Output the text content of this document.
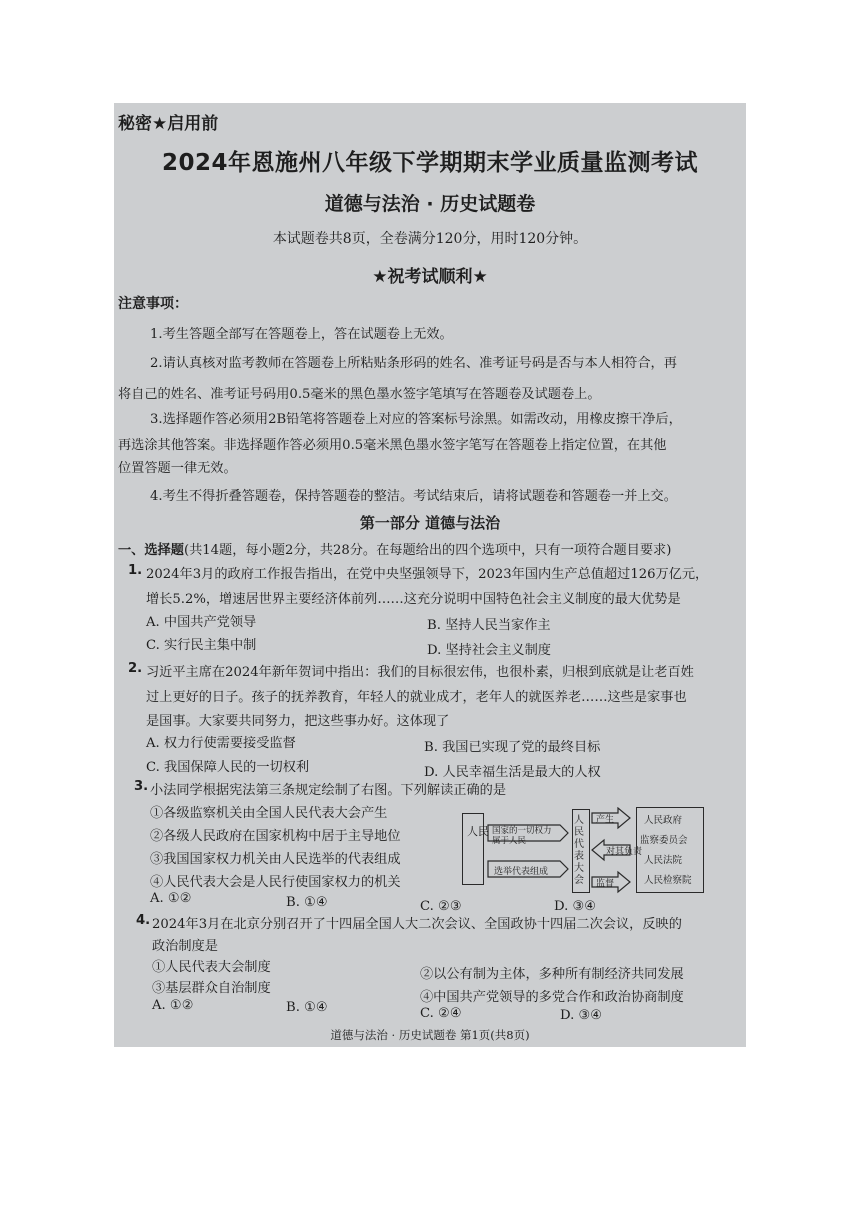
秘密★启用前
2024年恩施州八年级下学期期末学业质量监测考试
道德与法治 · 历史试题卷
本试题卷共8页，全卷满分120分，用时120分钟。
★祝考试顺利★
注意事项：
1.考生答题全部写在答题卷上，答在试题卷上无效。
2.请认真核对监考教师在答题卷上所粘贴条形码的姓名、准考证号码是否与本人相符合，再
将自己的姓名、准考证号码用0.5毫米的黑色墨水签字笔填写在答题卷及试题卷上。
3.选择题作答必须用2B铅笔将答题卷上对应的答案标号涂黑。如需改动，用橡皮擦干净后，
再选涂其他答案。非选择题作答必须用0.5毫米黑色墨水签字笔写在答题卷上指定位置，在其他
位置答题一律无效。
4.考生不得折叠答题卷，保持答题卷的整洁。考试结束后，请将试题卷和答题卷一并上交。
第一部分 道德与法治
一、选择题(共14题，每小题2分，共28分。在每题给出的四个选项中，只有一项符合题目要求)
1. 2024年3月的政府工作报告指出，在党中央坚强领导下，2023年国内生产总值超过126万亿元，
增长5.2%，增速居世界主要经济体前列……这充分说明中国特色社会主义制度的最大优势是
A. 中国共产党领导	B. 坚持人民当家作主
C. 实行民主集中制	D. 坚持社会主义制度
2. 习近平主席在2024年新年贺词中指出：我们的目标很宏伟，也很朴素，归根到底就是让老百姓
过上更好的日子。孩子的抚养教育，年轻人的就业成才，老年人的就医养老……这些是家事也
是国事。大家要共同努力，把这些事办好。这体现了
A. 权力行使需要接受监督	B. 我国已实现了党的最终目标
C. 我国保障人民的一切权利	D. 人民幸福生活是最大的人权
3. 小法同学根据宪法第三条规定绘制了右图。下列解读正确的是
①各级监察机关由全国人民代表大会产生
②各级人民政府在国家机构中居于主导地位
③我国国家权力机关由人民选举的代表组成
④人民代表大会是人民行使国家权力的机关
A. ①②	B. ①④	C. ②③	D. ③④
人民 国家的一切权力属于人民
选举代表组成
人民代表大会
产生
对其负责
监督
人民政府
监察委员会
人民法院
人民检察院
4. 2024年3月在北京分别召开了十四届全国人大二次会议、全国政协十四届二次会议，反映的
政治制度是
①人民代表大会制度	②以公有制为主体，多种所有制经济共同发展
③基层群众自治制度
④中国共产党领导的多党合作和政治协商制度
A. ①②	B. ①④	C. ②④	D. ③④
道德与法治 · 历史试题卷 第1页(共8页)
